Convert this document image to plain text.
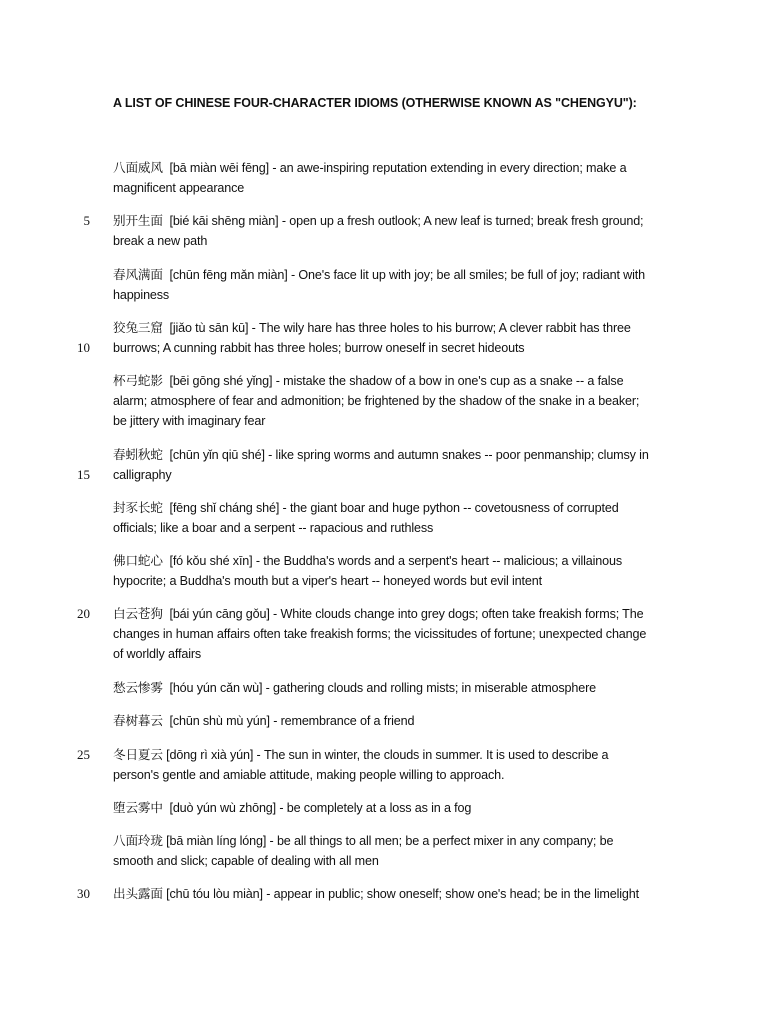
A LIST OF CHINESE FOUR-CHARACTER IDIOMS (OTHERWISE KNOWN AS "CHENGYU"):
5
10
15
20
25
30
八面威风 [bā miàn wēi fēng] - an awe-inspiring reputation extending in every direction; make a magnificent appearance
别开生面 [bié kāi shēng miàn] - open up a fresh outlook; A new leaf is turned; break fresh ground; break a new path
春风满面 [chūn fēng mǎn miàn] - One's face lit up with joy; be all smiles; be full of joy; radiant with happiness
狡兔三窟 [jiǎo tù sān kū] - The wily hare has three holes to his burrow; A clever rabbit has three burrows; A cunning rabbit has three holes; burrow oneself in secret hideouts
杯弓蛇影 [bēi gōng shé yǐng] - mistake the shadow of a bow in one's cup as a snake -- a false alarm; atmosphere of fear and admonition; be frightened by the shadow of the snake in a beaker; be jittery with imaginary fear
春蚓秋蛇 [chūn yǐn qiū shé] - like spring worms and autumn snakes -- poor penmanship; clumsy in calligraphy
封豕长蛇 [fēng shǐ cháng shé] - the giant boar and huge python -- covetousness of corrupted officials; like a boar and a serpent -- rapacious and ruthless
佛口蛇心 [fó kǒu shé xīn] - the Buddha's words and a serpent's heart -- malicious; a villainous hypocrite; a Buddha's mouth but a viper's heart -- honeyed words but evil intent
白云苍狗 [bái yún cāng gǒu] - White clouds change into grey dogs; often take freakish forms; The changes in human affairs often take freakish forms; the vicissitudes of fortune; unexpected change of worldly affairs
愁云惨雾 [hóu yún cǎn wù] - gathering clouds and rolling mists; in miserable atmosphere
春树暮云 [chūn shù mù yún] - remembrance of a friend
冬日夏云 [dōng rì xià yún] - The sun in winter, the clouds in summer. It is used to describe a person's gentle and amiable attitude, making people willing to approach.
堕云雾中 [duò yún wù zhōng] - be completely at a loss as in a fog
八面玲珑 [bā miàn líng lóng] - be all things to all men; be a perfect mixer in any company; be smooth and slick; capable of dealing with all men
出头露面 [chū tóu lòu miàn] - appear in public; show oneself; show one's head; be in the limelight
